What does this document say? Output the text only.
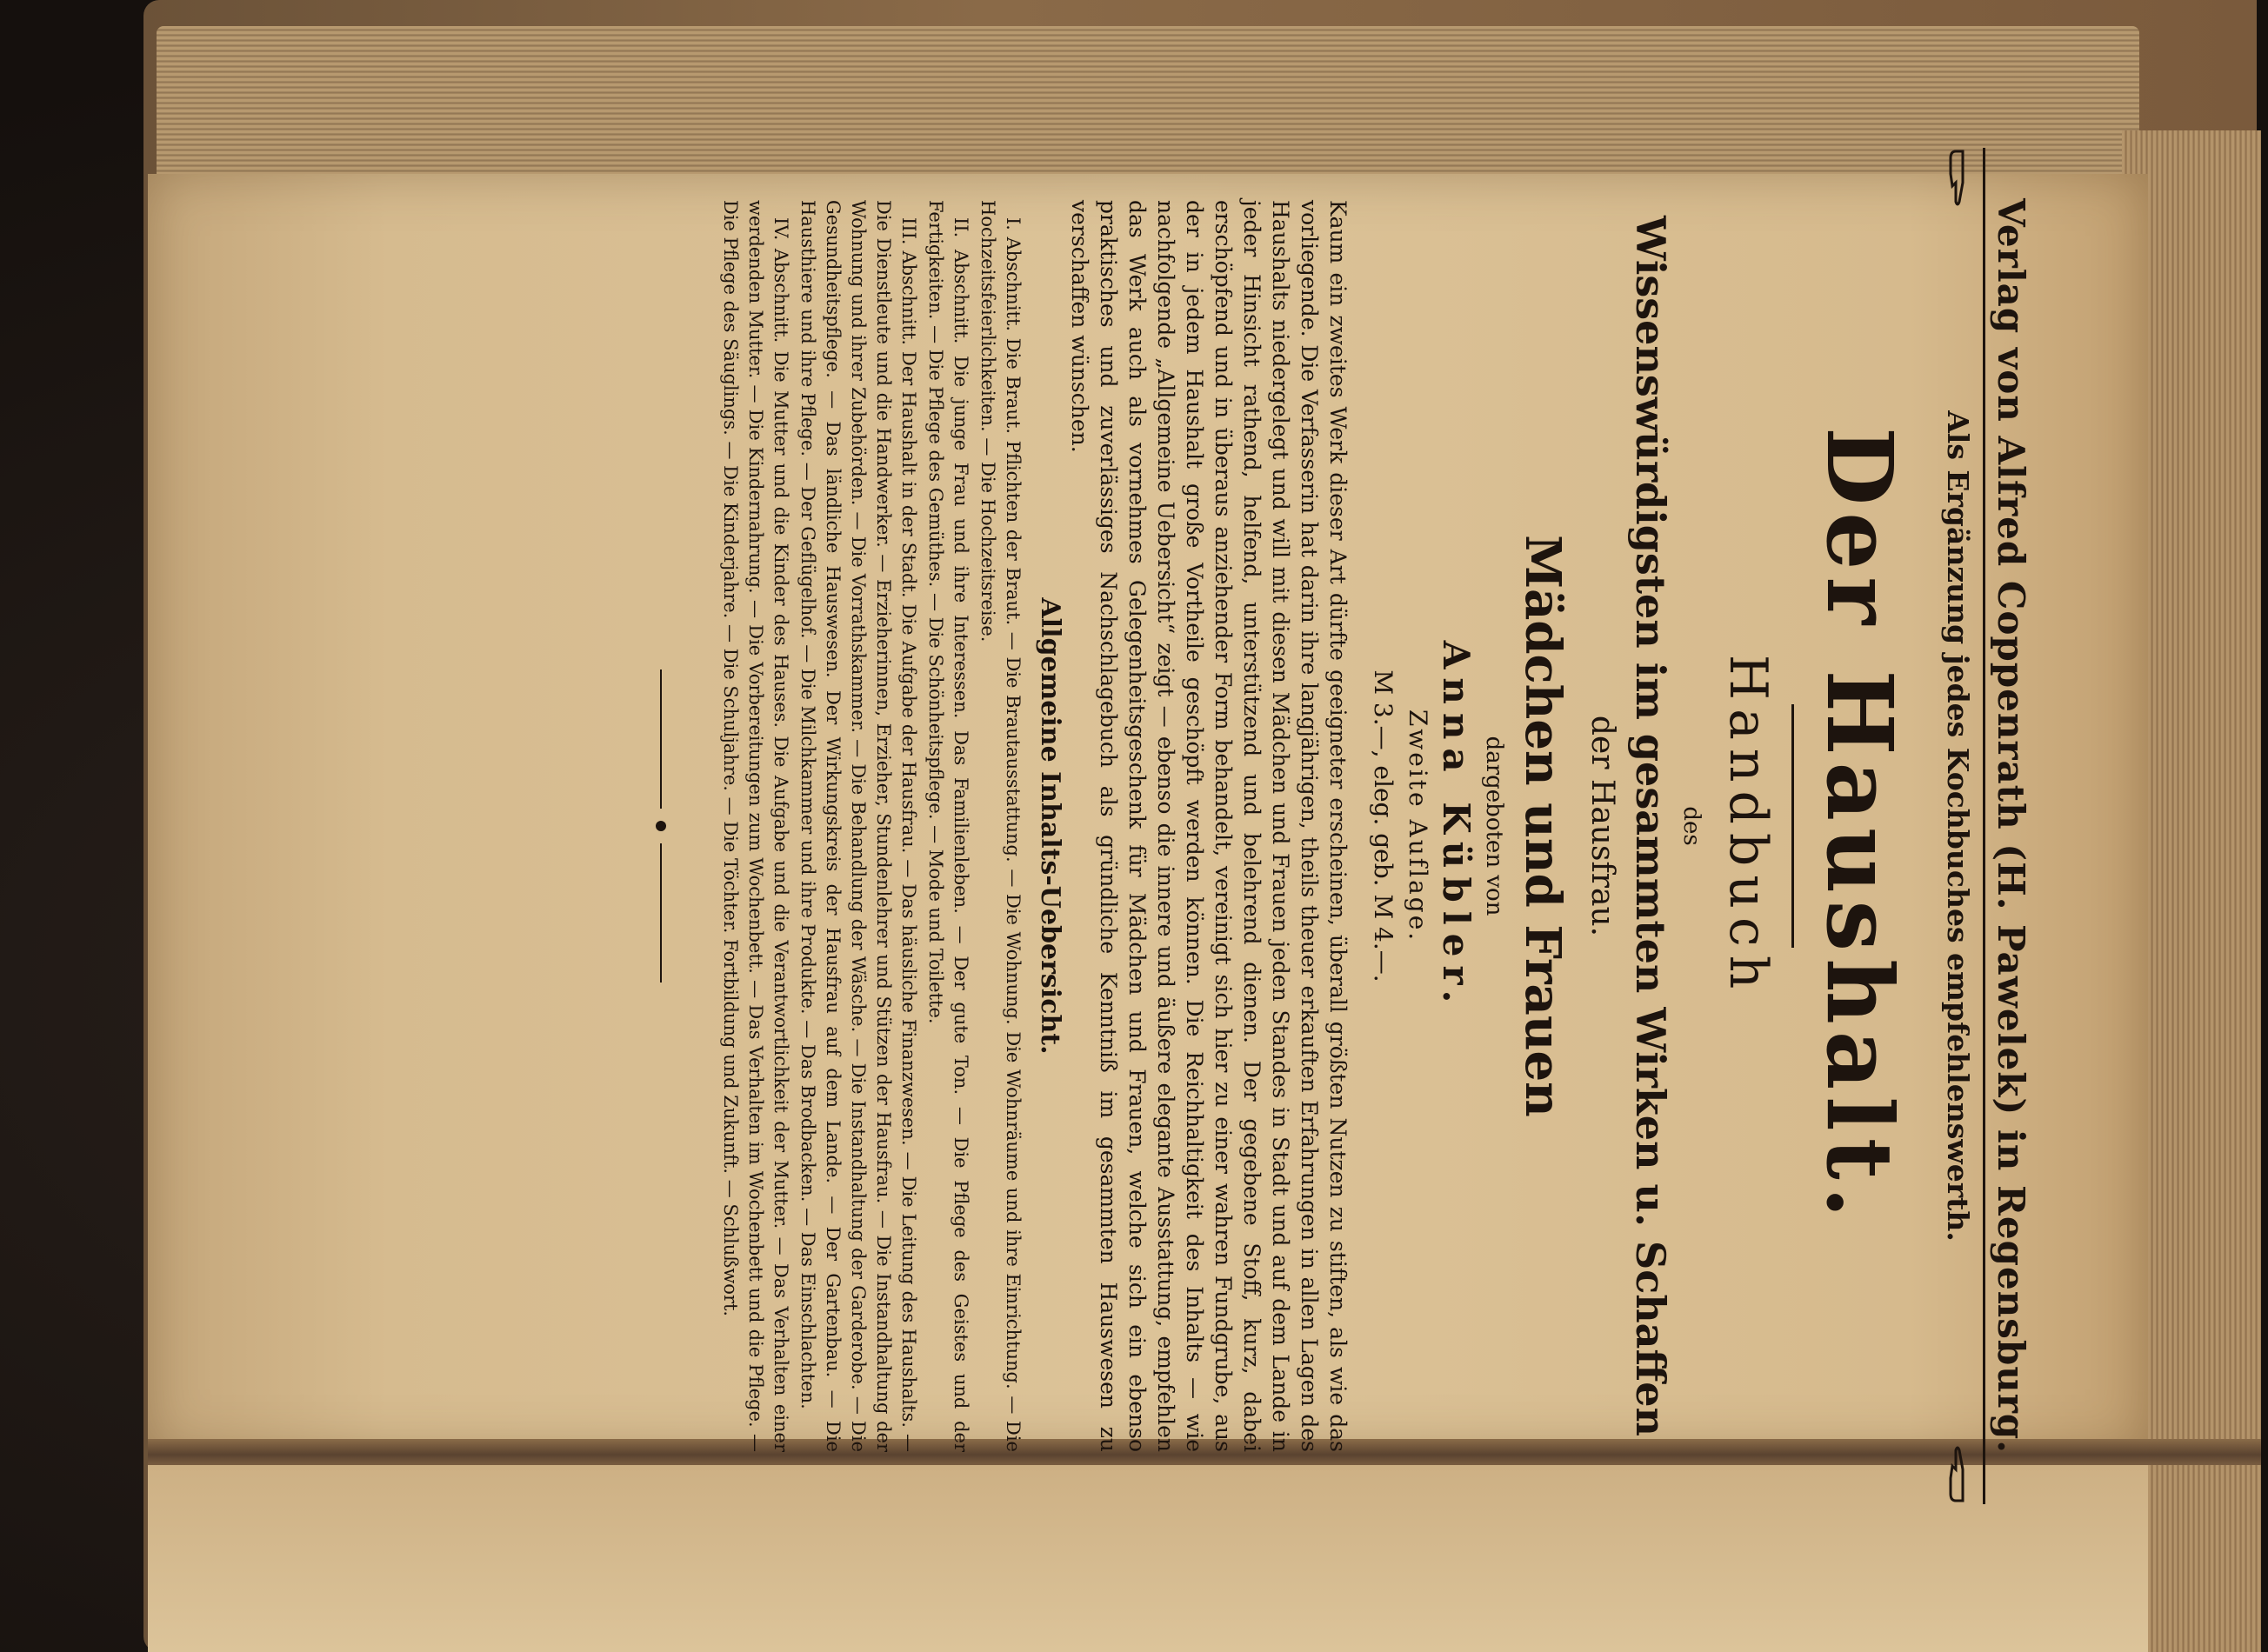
Verlag von Alfred Coppenrath (H. Pawelek) in Regensburg.
Als Ergänzung jedes Kochbuches empfehlenswerth.
Der Haushalt.
Handbuch
des
Wissenswürdigsten im gesammten Wirken u. Schaffen
der Hausfrau.
Mädchen und Frauen
dargeboten von
Anna Kübler.
Zweite Auflage.
M 3.—, eleg. geb. M 4.—.
Kaum ein zweites Werk dieser Art dürfte geeigneter erscheinen, überall größten Nutzen zu stiften, als wie das vorliegende. Die Verfasserin hat darin ihre langjährigen, theils theuer erkauften Erfahrungen in allen Lagen des Haushalts niedergelegt und will mit diesen Mädchen und Frauen jeden Standes in Stadt und auf dem Lande in jeder Hinsicht rathend, helfend, unterstützend und belehrend dienen. Der gegebene Stoff, kurz, dabei erschöpfend und in überaus anziehender Form behandelt, vereinigt sich hier zu einer wahren Fundgrube, aus der in jedem Haushalt große Vortheile geschöpft werden können. Die Reichhaltigkeit des Inhalts — wie nachfolgende „Allgemeine Uebersicht“ zeigt — ebenso die innere und äußere elegante Ausstattung, empfehlen das Werk auch als vornehmes Gelegenheitsgeschenk für Mädchen und Frauen, welche sich ein ebenso praktisches und zuverlässiges Nachschlagebuch als gründliche Kenntniß im gesammten Hauswesen zu verschaffen wünschen.
Allgemeine Inhalts-Uebersicht.

I. Abschnitt. Die Braut. Pflichten der Braut. — Die Brautausstattung. — Die Wohnung. Die Wohnräume und ihre Einrichtung. — Die Hochzeitsfeierlichkeiten. — Die Hochzeitsreise.

II. Abschnitt. Die junge Frau und ihre Interessen. Das Familienleben. — Der gute Ton. — Die Pflege des Geistes und der Fertigkeiten. — Die Pflege des Gemüthes. — Die Schönheitspflege. — Mode und Toilette.

III. Abschnitt. Der Haushalt in der Stadt. Die Aufgabe der Hausfrau. — Das häusliche Finanzwesen. — Die Leitung des Haushalts. — Die Dienstleute und die Handwerker. — Erzieherinnen, Erzieher, Stundenlehrer und Stützen der Hausfrau. — Die Instandhaltung der Wohnung und ihrer Zubehörden. — Die Vorrathskammer. — Die Behandlung der Wäsche. — Die Instandhaltung der Garderobe. — Die Gesundheitspflege. — Das ländliche Hauswesen. Der Wirkungskreis der Hausfrau auf dem Lande. — Der Gartenbau. — Die Hausthiere und ihre Pflege. — Der Geflügelhof. — Die Milchkammer und ihre Produkte. — Das Brodbacken. — Das Einschlachten.

IV. Abschnitt. Die Mutter und die Kinder des Hauses. Die Aufgabe und die Verantwortlichkeit der Mutter. — Das Verhalten einer werdenden Mutter. — Die Kindernahrung. — Die Vorbereitungen zum Wochenbett. — Das Verhalten im Wochenbett und die Pflege. — Die Pflege des Säuglings. — Die Kinderjahre. — Die Schuljahre. — Die Töchter. Fortbildung und Zukunft. — Schlußwort.
